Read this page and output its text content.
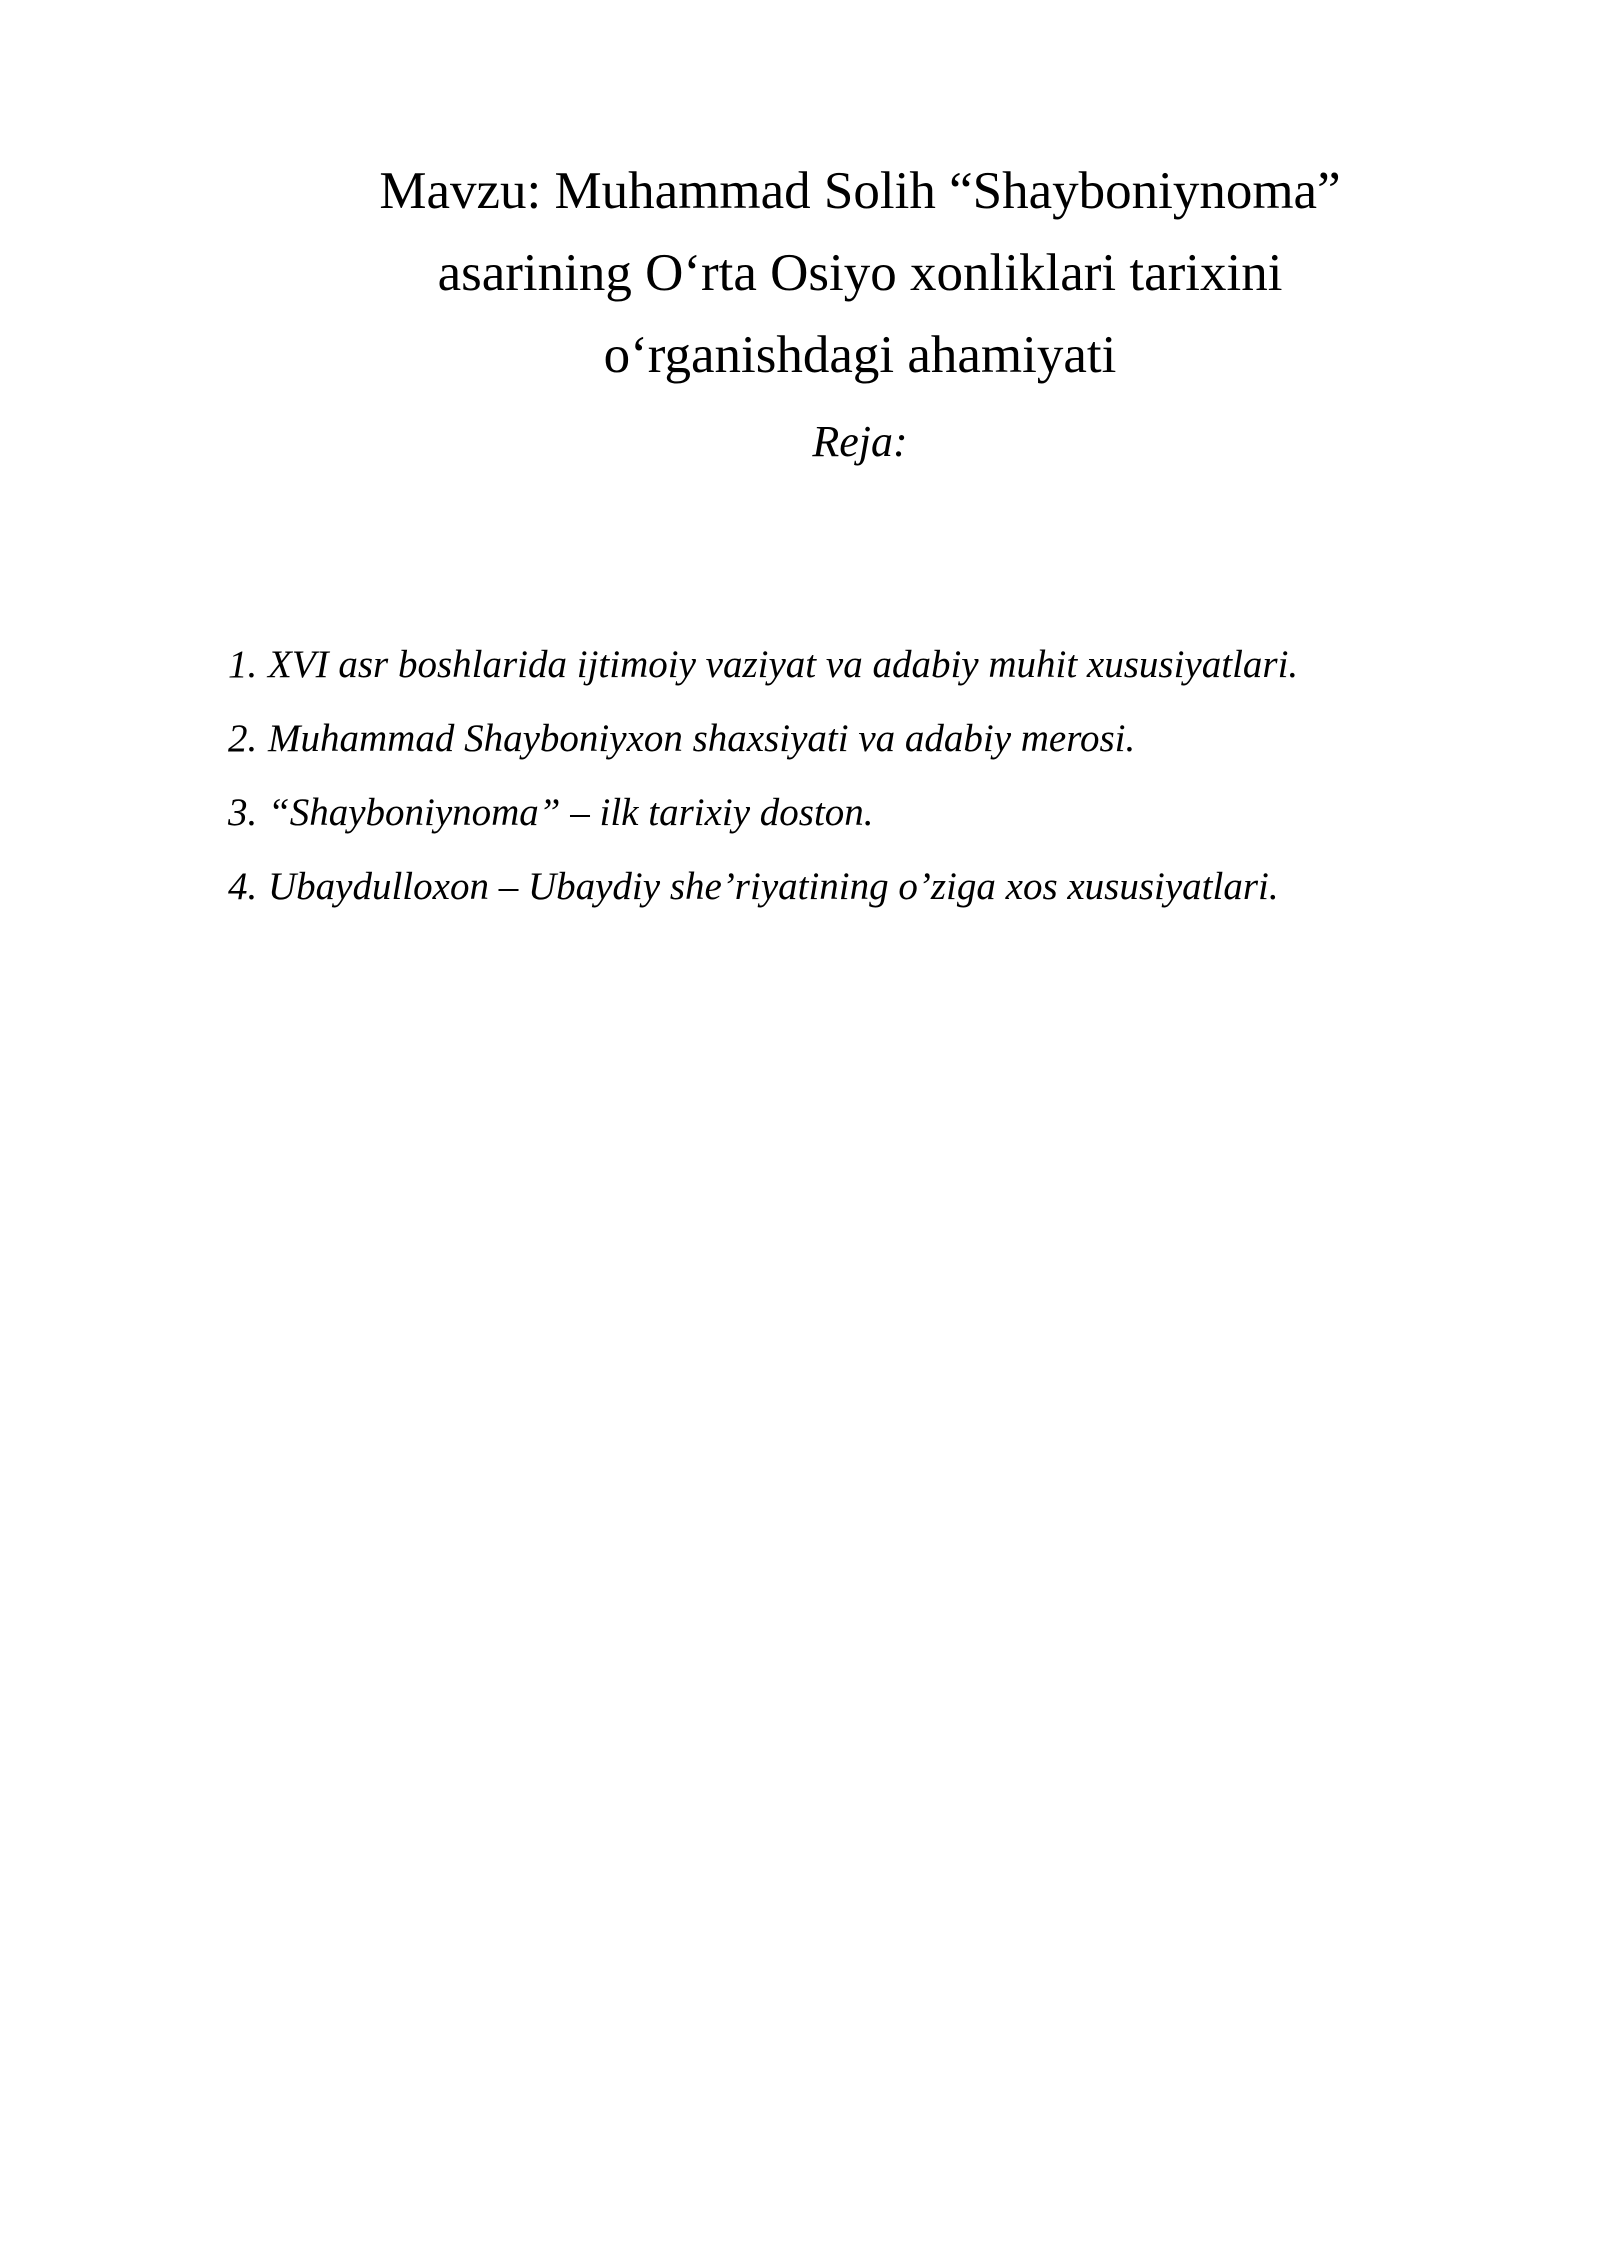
Mavzu: Muhammad Solih “Shayboniynoma”
asarining O‘rta Osiyo xonliklari tarixini
o‘rganishdagi ahamiyati
Reja:
1. XVI asr boshlarida ijtimoiy vaziyat va adabiy muhit xususiyatlari.
2. Muhammad Shayboniyxon shaxsiyati va adabiy merosi.
3. “Shayboniynoma” – ilk tarixiy doston.
4. Ubaydulloxon – Ubaydiy she’riyatining o’ziga xos xususiyatlari.
